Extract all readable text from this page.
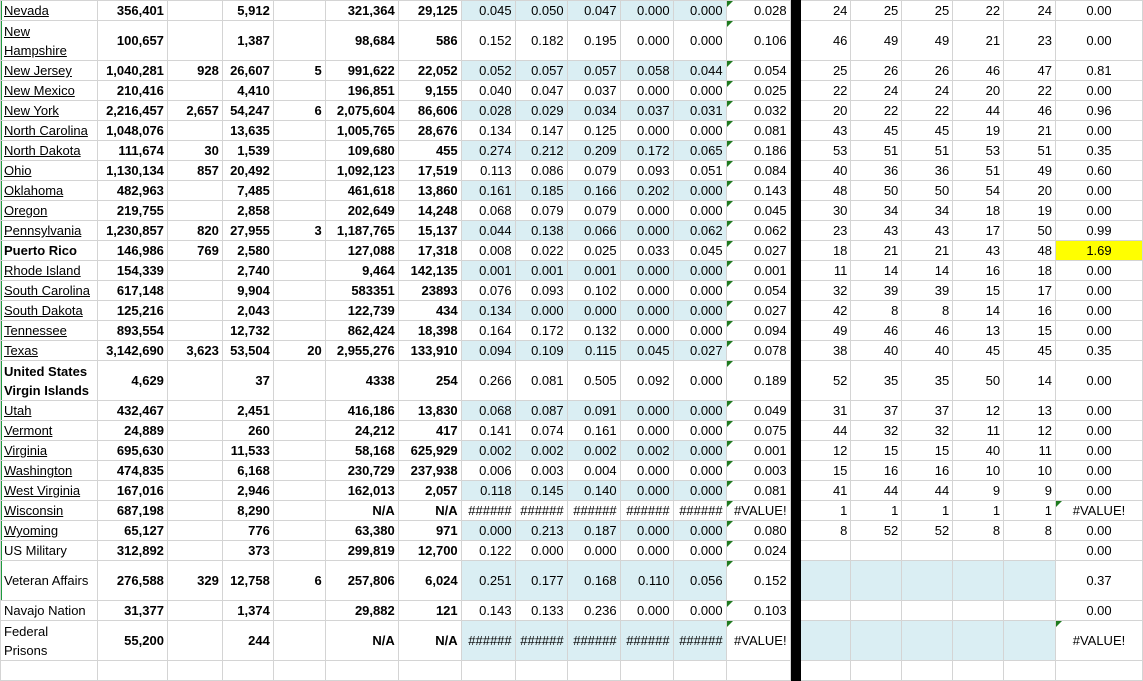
Nevada	356,401		5,912		321,364	29,125	0.045	0.050	0.047	0.000	0.000	0.028		24	25	25	22	24	0.00
New Hampshire	100,657		1,387		98,684	586	0.152	0.182	0.195	0.000	0.000	0.106		46	49	49	21	23	0.00
New Jersey	1,040,281	928	26,607	5	991,622	22,052	0.052	0.057	0.057	0.058	0.044	0.054		25	26	26	46	47	0.81
New Mexico	210,416		4,410		196,851	9,155	0.040	0.047	0.037	0.000	0.000	0.025		22	24	24	20	22	0.00
New York	2,216,457	2,657	54,247	6	2,075,604	86,606	0.028	0.029	0.034	0.037	0.031	0.032		20	22	22	44	46	0.96
North Carolina	1,048,076		13,635		1,005,765	28,676	0.134	0.147	0.125	0.000	0.000	0.081		43	45	45	19	21	0.00
North Dakota	111,674	30	1,539		109,680	455	0.274	0.212	0.209	0.172	0.065	0.186		53	51	51	53	51	0.35
Ohio	1,130,134	857	20,492		1,092,123	17,519	0.113	0.086	0.079	0.093	0.051	0.084		40	36	36	51	49	0.60
Oklahoma	482,963		7,485		461,618	13,860	0.161	0.185	0.166	0.202	0.000	0.143		48	50	50	54	20	0.00
Oregon	219,755		2,858		202,649	14,248	0.068	0.079	0.079	0.000	0.000	0.045		30	34	34	18	19	0.00
Pennsylvania	1,230,857	820	27,955	3	1,187,765	15,137	0.044	0.138	0.066	0.000	0.062	0.062		23	43	43	17	50	0.99
Puerto Rico	146,986	769	2,580		127,088	17,318	0.008	0.022	0.025	0.033	0.045	0.027		18	21	21	43	48	1.69
Rhode Island	154,339		2,740		9,464	142,135	0.001	0.001	0.001	0.000	0.000	0.001		11	14	14	16	18	0.00
South Carolina	617,148		9,904		583351	23893	0.076	0.093	0.102	0.000	0.000	0.054		32	39	39	15	17	0.00
South Dakota	125,216		2,043		122,739	434	0.134	0.000	0.000	0.000	0.000	0.027		42	8	8	14	16	0.00
Tennessee	893,554		12,732		862,424	18,398	0.164	0.172	0.132	0.000	0.000	0.094		49	46	46	13	15	0.00
Texas	3,142,690	3,623	53,504	20	2,955,276	133,910	0.094	0.109	0.115	0.045	0.027	0.078		38	40	40	45	45	0.35
United States Virgin Islands	4,629		37		4338	254	0.266	0.081	0.505	0.092	0.000	0.189		52	35	35	50	14	0.00
Utah	432,467		2,451		416,186	13,830	0.068	0.087	0.091	0.000	0.000	0.049		31	37	37	12	13	0.00
Vermont	24,889		260		24,212	417	0.141	0.074	0.161	0.000	0.000	0.075		44	32	32	11	12	0.00
Virginia	695,630		11,533		58,168	625,929	0.002	0.002	0.002	0.002	0.000	0.001		12	15	15	40	11	0.00
Washington	474,835		6,168		230,729	237,938	0.006	0.003	0.004	0.000	0.000	0.003		15	16	16	10	10	0.00
West Virginia	167,016		2,946		162,013	2,057	0.118	0.145	0.140	0.000	0.000	0.081		41	44	44	9	9	0.00
Wisconsin	687,198		8,290		N/A	N/A	######	######	######	######	######	#VALUE!		1	1	1	1	1	#VALUE!

Wyoming	65,127		776		63,380	971	0.000	0.213	0.187	0.000	0.000	0.080		8	52	52	8	8	0.00
US Military	312,892		373		299,819	12,700	0.122	0.000	0.000	0.000	0.000	0.024							0.00
Veteran Affairs	276,588	329	12,758	6	257,806	6,024	0.251	0.177	0.168	0.110	0.056	0.152							0.37
Navajo Nation	31,377		1,374		29,882	121	0.143	0.133	0.236	0.000	0.000	0.103							0.00
Federal Prisons	55,200		244		N/A	N/A	######	######	######	######	######	#VALUE!							#VALUE!
